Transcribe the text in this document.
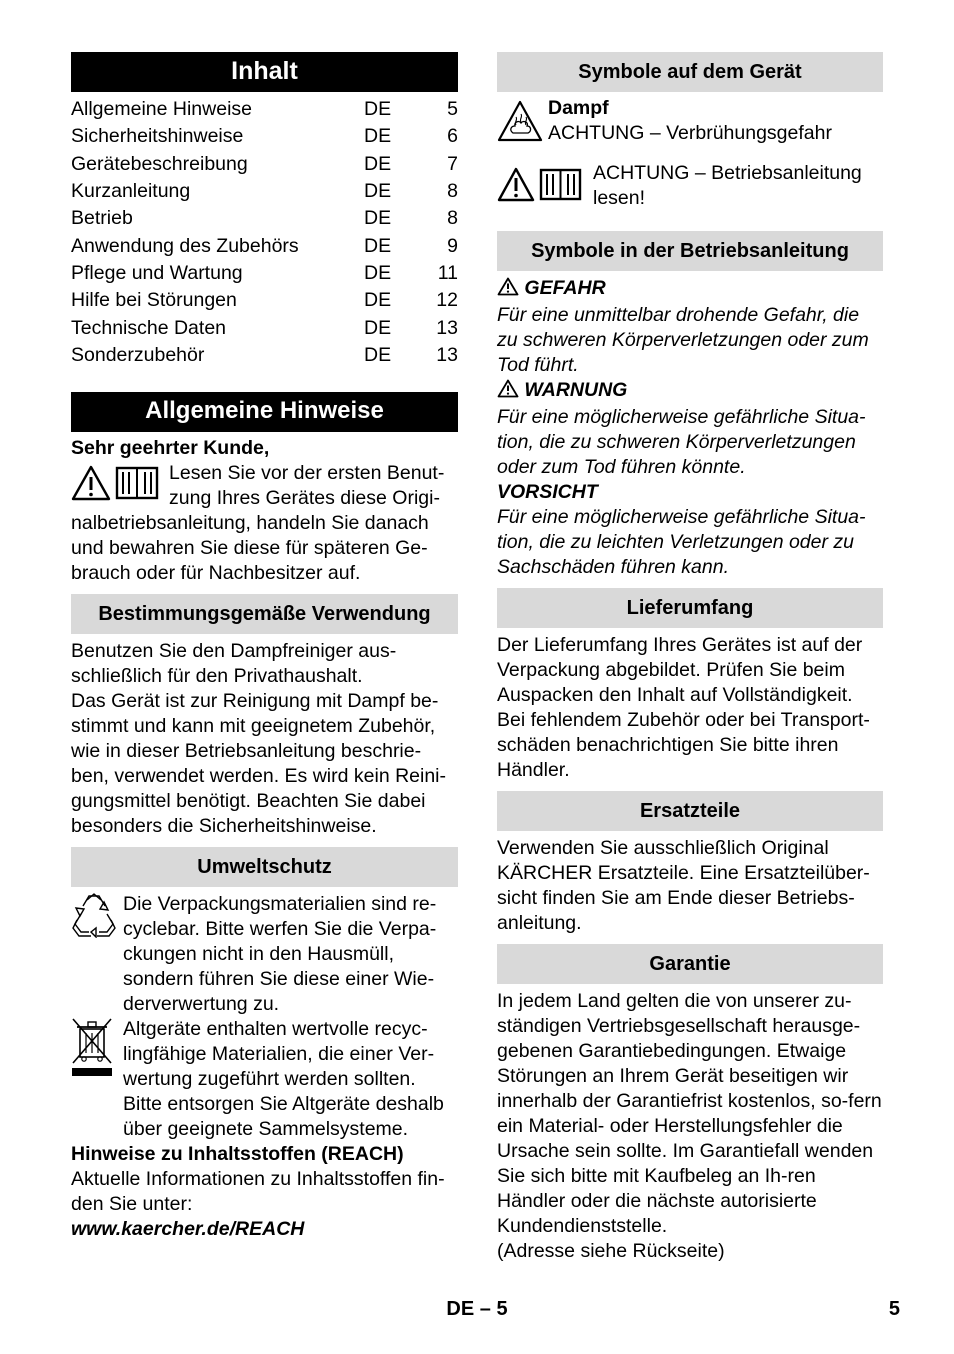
Inhalt
Allgemeine Hinweise	DE	5
Sicherheitshinweise	DE	6
Gerätebeschreibung	DE	7
Kurzanleitung	DE	8
Betrieb	DE	8
Anwendung des Zubehörs	DE	9
Pflege und Wartung	DE	11
Hilfe bei Störungen	DE	12
Technische Daten	DE	13
Sonderzubehör	DE	13
Allgemeine Hinweise

Sehr geehrter Kunde,

Lesen Sie vor der ersten Benut-
zung Ihres Gerätes diese Origi-
nalbetriebsanleitung, handeln Sie danach und bewahren Sie diese für späteren Ge-brauch oder für Nachbesitzer auf.
Bestimmungsgemäße Verwendung

Benutzen Sie den Dampfreiniger aus-schließlich für den Privathaushalt.

Das Gerät ist zur Reinigung mit Dampf be-stimmt und kann mit geeignetem Zubehör, wie in dieser Betriebsanleitung beschrie-ben, verwendet werden. Es wird kein Reini-gungsmittel benötigt. Beachten Sie dabei besonders die Sicherheitshinweise.

Umweltschutz

Die Verpackungsmaterialien sind re-cyclebar. Bitte werfen Sie die Verpa-ckungen nicht in den Hausmüll, sondern führen Sie diese einer Wie-derverwertung zu.

Altgeräte enthalten wertvolle recyc-lingfähige Materialien, die einer Ver-wertung zugeführt werden sollten. Bitte entsorgen Sie Altgeräte deshalb über geeignete Sammelsysteme.

Hinweise zu Inhaltsstoffen (REACH)

Aktuelle Informationen zu Inhaltsstoffen fin-den Sie unter:

www.kaercher.de/REACH

Symbole auf dem Gerät
Dampf
ACHTUNG – Verbrühungsgefahr
ACHTUNG – Betriebsanleitung lesen!
Symbole in der Betriebsanleitung
GEFAHR

Für eine unmittelbar drohende Gefahr, die zu schweren Körperverletzungen oder zum Tod führt.

WARNUNG

Für eine möglicherweise gefährliche Situa-tion, die zu schweren Körperverletzungen oder zum Tod führen könnte.

VORSICHT

Für eine möglicherweise gefährliche Situa-tion, die zu leichten Verletzungen oder zu Sachschäden führen kann.

Lieferumfang

Der Lieferumfang Ihres Gerätes ist auf der Verpackung abgebildet. Prüfen Sie beim Auspacken den Inhalt auf Vollständigkeit. Bei fehlendem Zubehör oder bei Transport-schäden benachrichtigen Sie bitte ihren Händler.

Ersatzteile

Verwenden Sie ausschließlich Original KÄRCHER Ersatzteile. Eine Ersatzteilüber-sicht finden Sie am Ende dieser Betriebs-anleitung.

Garantie

In jedem Land gelten die von unserer zu-ständigen Vertriebsgesellschaft herausge-gebenen Garantiebedingungen. Etwaige Störungen an Ihrem Gerät beseitigen wir innerhalb der Garantiefrist kostenlos, so-fern ein Material- oder Herstellungsfehler die Ursache sein sollte. Im Garantiefall wenden Sie sich bitte mit Kaufbeleg an Ih-ren Händler oder die nächste autorisierte Kundendienststelle.

(Adresse siehe Rückseite)

DE – 5	5
